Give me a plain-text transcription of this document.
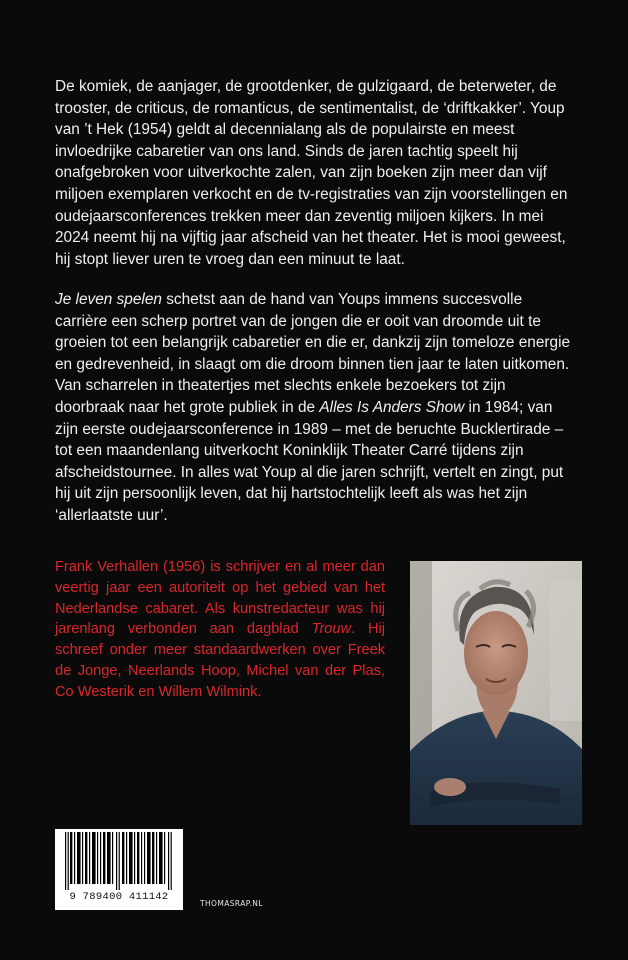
De komiek, de aanjager, de grootdenker, de gulzigaard, de beterweter, de trooster, de criticus, de romanticus, de sentimentalist, de ‘driftkakker’. Youp van ’t Hek (1954) geldt al decennialang als de populairste en meest invloedrijke cabaretier van ons land. Sinds de jaren tachtig speelt hij onafgebroken voor uitverkochte zalen, van zijn boeken zijn meer dan vijf miljoen exemplaren verkocht en de tv-registraties van zijn voorstellingen en oudejaarsconferences trekken meer dan zeventig miljoen kijkers. In mei 2024 neemt hij na vijftig jaar afscheid van het theater. Het is mooi geweest, hij stopt liever uren te vroeg dan een minuut te laat.

Je leven spelen schetst aan de hand van Youps immens succesvolle carrière een scherp portret van de jongen die er ooit van droomde uit te groeien tot een belangrijk cabaretier en die er, dankzij zijn tomeloze energie en gedrevenheid, in slaagt om die droom binnen tien jaar te laten uitkomen. Van scharrelen in theatertjes met slechts enkele bezoekers tot zijn doorbraak naar het grote publiek in de Alles Is Anders Show in 1984; van zijn eerste oudejaarsconference in 1989 – met de beruchte Bucklertirade – tot een maandenlang uitverkocht Koninklijk Theater Carré tijdens zijn afscheidstournee. In alles wat Youp al die jaren schrijft, vertelt en zingt, put hij uit zijn persoonlijk leven, dat hij hartstochtelijk leeft als was het zijn ‘allerlaatste uur’.

Frank Verhallen (1956) is schrijver en al meer dan veertig jaar een autoriteit op het gebied van het Nederlandse cabaret. Als kunstredacteur was hij jarenlang verbonden aan dagblad Trouw. Hij schreef onder meer standaardwerken over Freek de Jonge, Neerlands Hoop, Michel van der Plas, Co Westerik en Willem Wilmink.

9 789400 411142
THOMASRAP.NL
